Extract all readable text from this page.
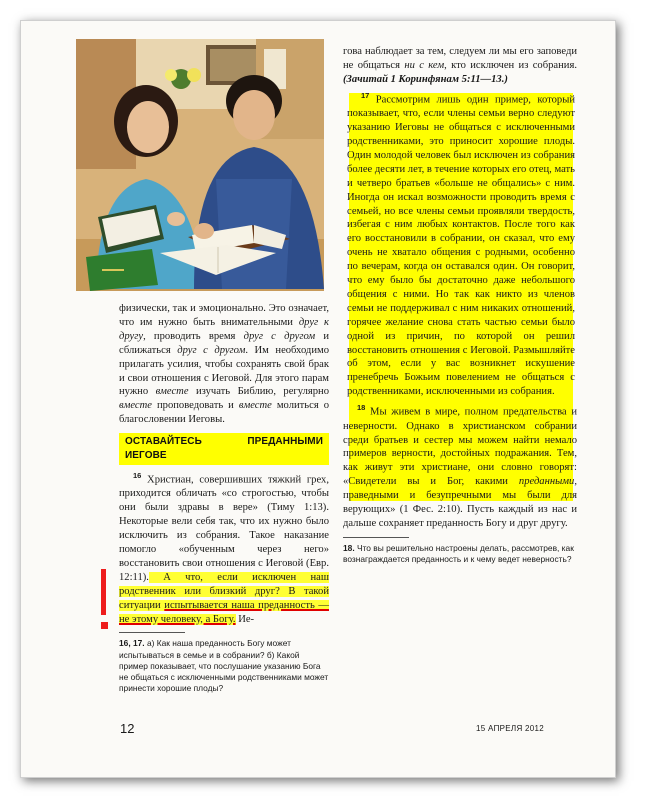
физически, так и эмоционально. Это означает, что им нужно быть внимательными друг к другу, проводить время друг с другом и сближаться друг с другом. Им необходимо прилагать усилия, чтобы сохранять свой брак и свои отношения с Иеговой. Для этого парам нужно вместе изучать Библию, регулярно вместе проповедовать и вместе молиться о благословении Иеговы.

ОСТАВАЙТЕСЬ ПРЕДАННЫМИ ИЕГОВЕ

$^{16}$ Христиан, совершивших тяжкий грех, приходится обличать «со строгостью, чтобы они были здравы в вере» (Тиму 1:13). Некоторые вели себя так, что их нужно было исключить из собрания. Такое наказание помогло «обученным через него» восстановить свои отношения с Иеговой (Евр. 12:11). А что, если исключен наш родственник или близкий друг? В такой ситуации испытывается наша преданность — не этому человеку, а Богу. Ие-

16, 17. а) Как наша преданность Богу может испытываться в семье и в собрании? б) Какой пример показывает, что послушание указанию Бога не общаться с исключенными родственниками может принести хорошие плоды?

гова наблюдает за тем, следуем ли мы его заповеди не общаться ни с кем, кто исключен из собрания. (Зачитай 1 Коринфянам 5:11—13.)

$^{17}$ Рассмотрим лишь один пример, который показывает, что, если члены семьи верно следуют указанию Иеговы не общаться с исключенными родственниками, это приносит хорошие плоды. Один молодой человек был исключен из собрания более десяти лет, в течение которых его отец, мать и четверо братьев «больше не общались» с ним. Иногда он искал возможности проводить время с семьей, но все члены семьи проявляли твердость, избегая с ним любых контактов. После того как его восстановили в собрании, он сказал, что ему очень не хватало общения с родными, особенно по вечерам, когда он оставался один. Он говорит, что ему было бы достаточно даже небольшого общения с ними. Но так как никто из членов семьи не поддерживал с ним никаких отношений, горячее желание снова стать частью семьи было одной из причин, по которой он решил восстановить отношения с Иеговой. Размышляйте об этом, если у вас возникнет искушение пренебречь Божьим повелением не общаться с родственниками, исключенными из собрания.

$^{18}$ Мы живем в мире, полном предательства и неверности. Однако в христианском собрании среди братьев и сестер мы можем найти немало примеров верности, достойных подражания. Тем, как живут эти христиане, они словно говорят: «Свидетели вы и Бог, какими преданными, праведными и безупречными мы были для верующих» (1 Фес. 2:10). Пусть каждый из нас и дальше сохраняет преданность Богу и друг другу.

18. Что вы решительно настроены делать, рассмотрев, как вознаграждается преданность и к чему ведет неверность?

12	15 АПРЕЛЯ 2012
